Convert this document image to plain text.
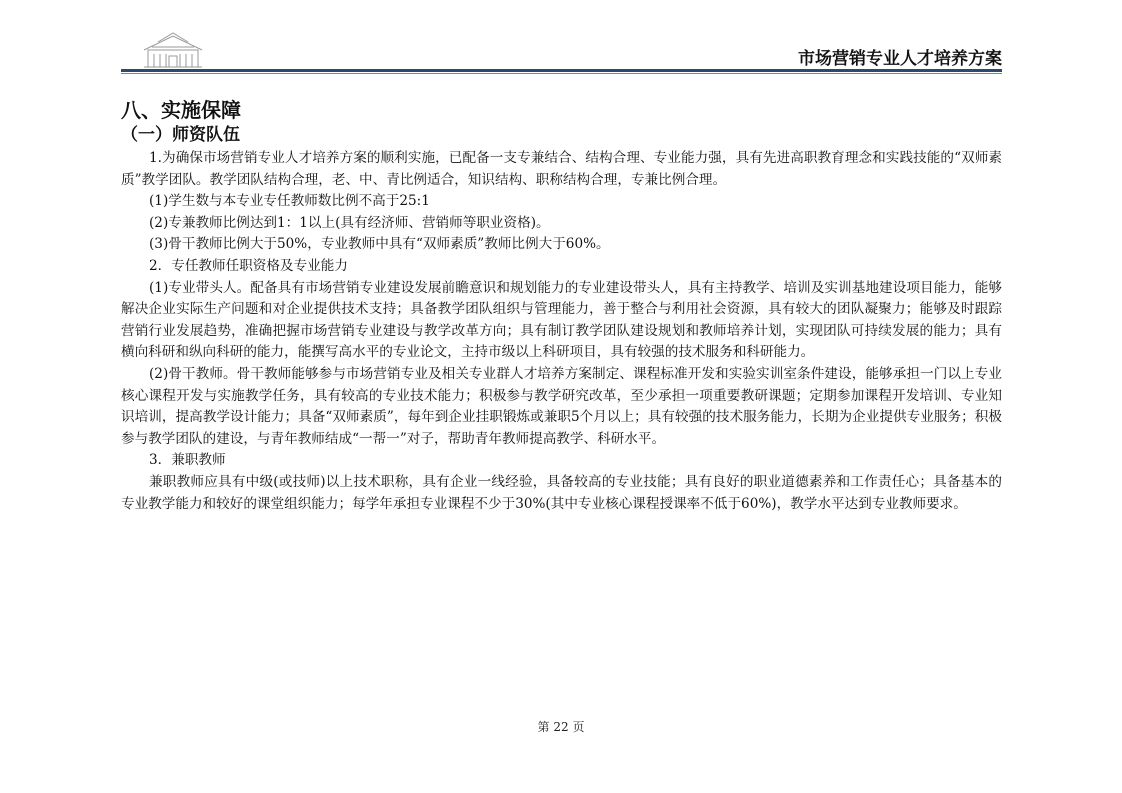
市场营销专业人才培养方案
八、实施保障
（一）师资队伍

1.为确保市场营销专业人才培养方案的顺利实施，已配备一支专兼结合、结构合理、专业能力强，具有先进高职教育理念和实践技能的“双师素质”教学团队。教学团队结构合理，老、中、青比例适合，知识结构、职称结构合理，专兼比例合理。

(1)学生数与本专业专任教师数比例不高于25:1

(2)专兼教师比例达到1：1以上(具有经济师、营销师等职业资格)。

(3)骨干教师比例大于50%，专业教师中具有“双师素质”教师比例大于60%。

2．专任教师任职资格及专业能力

(1)专业带头人。配备具有市场营销专业建设发展前瞻意识和规划能力的专业建设带头人，具有主持教学、培训及实训基地建设项目能力，能够解决企业实际生产问题和对企业提供技术支持；具备教学团队组织与管理能力，善于整合与利用社会资源，具有较大的团队凝聚力；能够及时跟踪营销行业发展趋势，准确把握市场营销专业建设与教学改革方向；具有制订教学团队建设规划和教师培养计划，实现团队可持续发展的能力；具有横向科研和纵向科研的能力，能撰写高水平的专业论文，主持市级以上科研项目，具有较强的技术服务和科研能力。

(2)骨干教师。骨干教师能够参与市场营销专业及相关专业群人才培养方案制定、课程标准开发和实验实训室条件建设，能够承担一门以上专业核心课程开发与实施教学任务，具有较高的专业技术能力；积极参与教学研究改革，至少承担一项重要教研课题；定期参加课程开发培训、专业知识培训，提高教学设计能力；具备“双师素质”，每年到企业挂职锻炼或兼职5个月以上；具有较强的技术服务能力，长期为企业提供专业服务；积极参与教学团队的建设，与青年教师结成“一帮一”对子，帮助青年教师提高教学、科研水平。

3．兼职教师

兼职教师应具有中级(或技师)以上技术职称，具有企业一线经验，具备较高的专业技能；具有良好的职业道德素养和工作责任心；具备基本的专业教学能力和较好的课堂组织能力；每学年承担专业课程不少于30%(其中专业核心课程授课率不低于60%)，教学水平达到专业教师要求。

第 22 页
